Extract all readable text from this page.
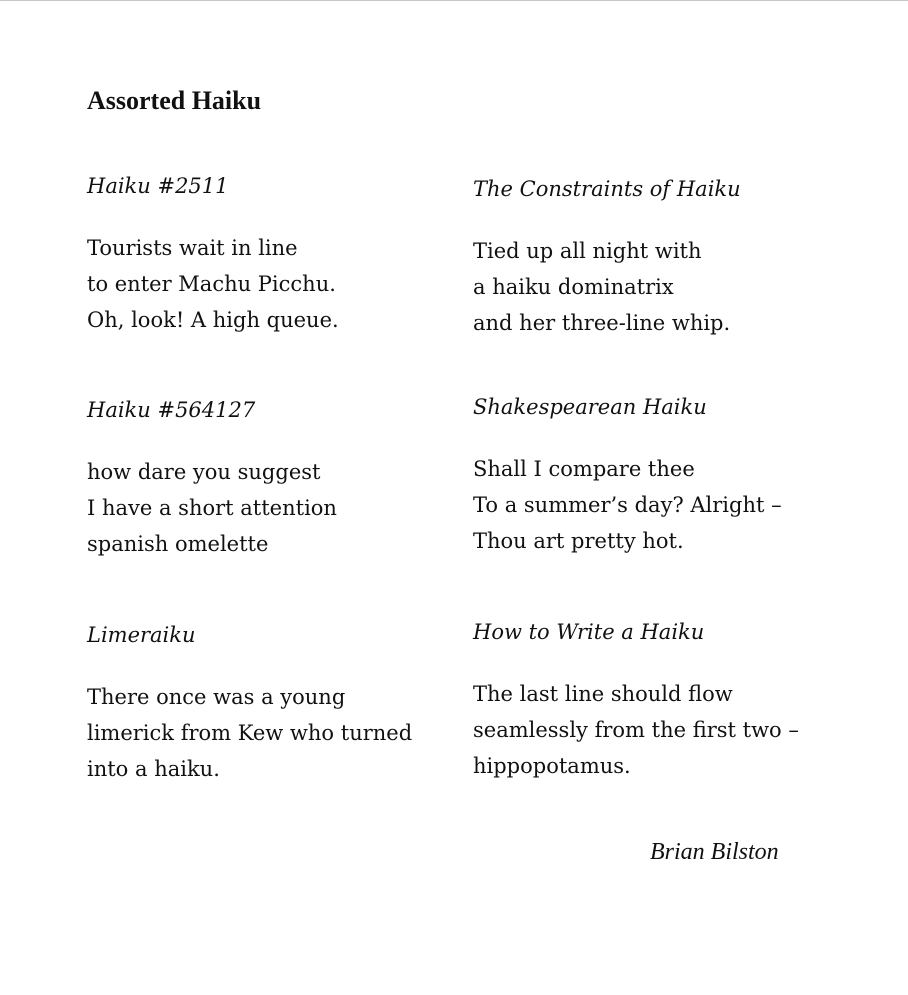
Assorted Haiku
Haiku #2511
Tourists wait in line
to enter Machu Picchu.
Oh, look! A high queue.
Haiku #564127
how dare you suggest
I have a short attention
spanish omelette
Limeraiku
There once was a young
limerick from Kew who turned
into a haiku.
The Constraints of Haiku
Tied up all night with
a haiku dominatrix
and her three-line whip.
Shakespearean Haiku
Shall I compare thee
To a summer’s day? Alright –
Thou art pretty hot.
How to Write a Haiku
The last line should flow
seamlessly from the first two –
hippopotamus.
Brian Bilston
